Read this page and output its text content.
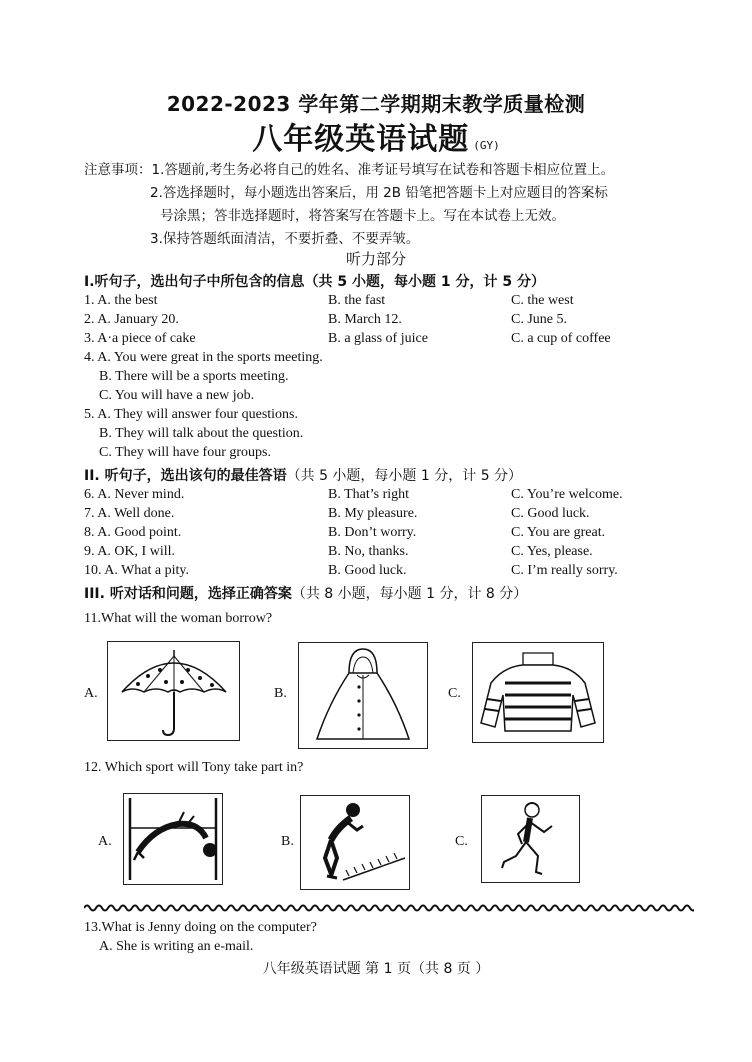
2022-2023 学年第二学期期末教学质量检测
八年级英语试题 (GY)
注意事项：1.答题前,考生务必将自己的姓名、准考证号填写在试卷和答题卡相应位置上。
2.答选择题时，每小题选出答案后，用 2B 铅笔把答题卡上对应题目的答案标
号涂黑；答非选择题时，将答案写在答题卡上。写在本试卷上无效。
3.保持答题纸面清洁，不要折叠、不要弄皱。
听力部分
I.听句子，选出句子中所包含的信息（共 5 小题，每小题 1 分，计 5 分）
1. A. the best	B. the fast	C. the west
2. A. January 20.	B. March 12.	C. June 5.
3. A·a piece of cake	B. a glass of juice	C. a cup of coffee
4. A. You were great in the sports meeting.
B. There will be a sports meeting.
C. You will have a new job.
5. A. They will answer four questions.
B. They will talk about the question.
C. They will have four groups.
II. 听句子，选出该句的最佳答语（共 5 小题，每小题 1 分，计 5 分）
6. A. Never mind.	B. That’s right	C. You’re welcome.
7. A. Well done.	B. My pleasure.	C. Good luck.
8. A. Good point.	B. Don’t worry.	C. You are great.
9. A. OK, I will.	B. No, thanks.	C. Yes, please.
10. A. What a pity.	B. Good luck.	C. I’m really sorry.
III. 听对话和问题，选择正确答案（共 8 小题，每小题 1 分，计 8 分）
11.What will the woman borrow?
A.	B.	C.
12. Which sport will Tony take part in?
A.	B.	C.
13.What is Jenny doing on the computer?
A. She is writing an e-mail.
八年级英语试题 第 1 页（共 8 页 ）
